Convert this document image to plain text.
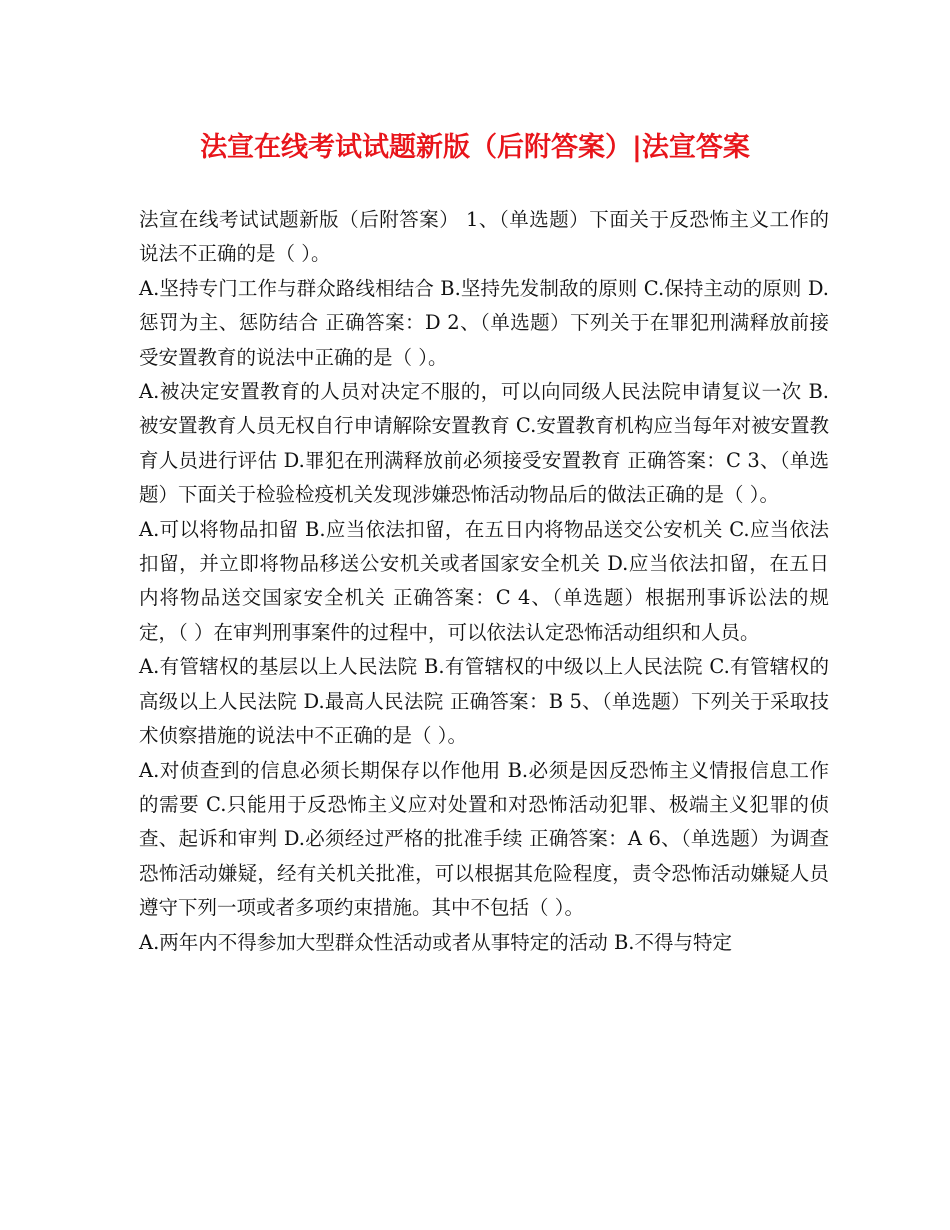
法宣在线考试试题新版（后附答案）|法宣答案

法宣在线考试试题新版（后附答案） 1、（单选题）下面关于反恐怖主义工作的说法不正确的是（ ）。

A.坚持专门工作与群众路线相结合 B.坚持先发制敌的原则 C.保持主动的原则 D.惩罚为主、惩防结合 正确答案：D 2、（单选题）下列关于在罪犯刑满释放前接受安置教育的说法中正确的是（ ）。

A.被决定安置教育的人员对决定不服的，可以向同级人民法院申请复议一次 B.被安置教育人员无权自行申请解除安置教育 C.安置教育机构应当每年对被安置教育人员进行评估 D.罪犯在刑满释放前必须接受安置教育 正确答案：C 3、（单选题）下面关于检验检疫机关发现涉嫌恐怖活动物品后的做法正确的是（ ）。

A.可以将物品扣留 B.应当依法扣留，在五日内将物品送交公安机关 C.应当依法扣留，并立即将物品移送公安机关或者国家安全机关 D.应当依法扣留，在五日内将物品送交国家安全机关 正确答案：C 4、（单选题）根据刑事诉讼法的规定，（ ）在审判刑事案件的过程中，可以依法认定恐怖活动组织和人员。

A.有管辖权的基层以上人民法院 B.有管辖权的中级以上人民法院 C.有管辖权的高级以上人民法院 D.最高人民法院 正确答案：B 5、（单选题）下列关于采取技术侦察措施的说法中不正确的是（ ）。

A.对侦查到的信息必须长期保存以作他用 B.必须是因反恐怖主义情报信息工作的需要 C.只能用于反恐怖主义应对处置和对恐怖活动犯罪、极端主义犯罪的侦查、起诉和审判 D.必须经过严格的批准手续 正确答案：A 6、（单选题）为调查恐怖活动嫌疑，经有关机关批准，可以根据其危险程度，责令恐怖活动嫌疑人员遵守下列一项或者多项约束措施。其中不包括（ ）。

A.两年内不得参加大型群众性活动或者从事特定的活动 B.不得与特定
